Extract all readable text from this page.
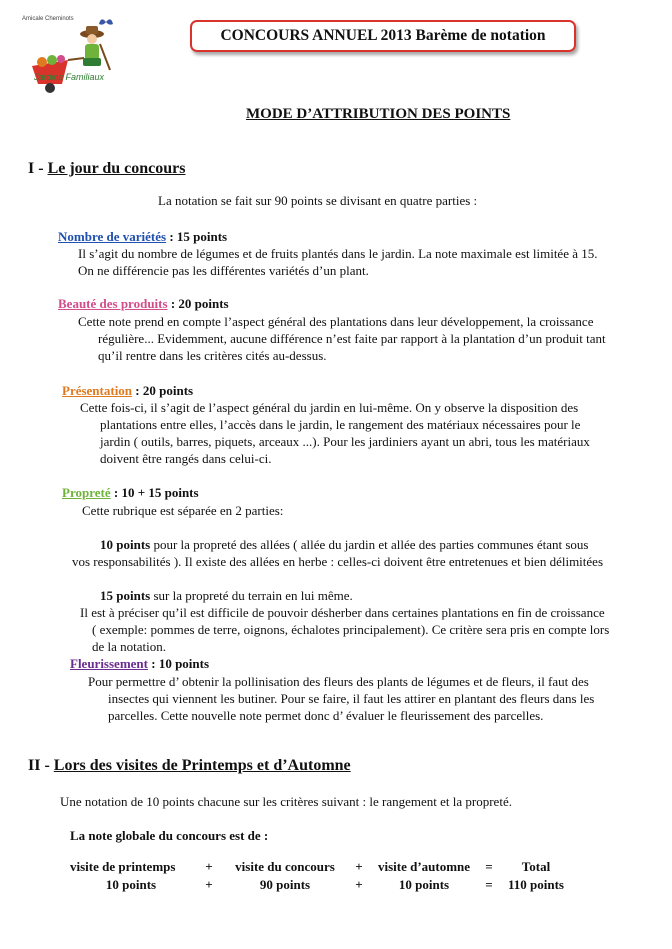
Amicale Cheminots
Jardins Familiaux
CONCOURS ANNUEL 2013 Barème de notation
MODE D’ATTRIBUTION DES POINTS
I - Le jour du concours
La notation se fait sur 90 points se divisant en quatre parties :
Nombre de variétés : 15 points
Il s’agit du nombre de légumes et de fruits plantés dans le jardin. La note maximale est limitée à 15.
On ne différencie pas les différentes variétés d’un plant.
Beauté des produits : 20 points
Cette note prend en compte l’aspect général des plantations dans leur développement, la croissance
régulière... Evidemment, aucune différence n’est faite par rapport à la plantation d’un produit tant
qu’il rentre dans les critères cités au-dessus.
Présentation : 20 points
Cette fois-ci, il s’agit de l’aspect général du jardin en lui-même. On y observe la disposition des
plantations entre elles, l’accès dans le jardin, le rangement des matériaux nécessaires pour le
jardin ( outils, barres, piquets, arceaux ...). Pour les jardiniers ayant un abri, tous les matériaux
doivent être rangés dans celui-ci.
Propreté : 10 + 15 points
Cette rubrique est séparée en 2 parties:
10 points pour la propreté des allées ( allée du jardin et allée des parties communes étant sous
vos responsabilités ). Il existe des allées en herbe : celles-ci doivent être entretenues et bien délimitées
15 points sur la propreté du terrain en lui même.
Il est à préciser qu’il est difficile de pouvoir désherber dans certaines plantations en fin de croissance
( exemple: pommes de terre, oignons, échalotes principalement). Ce critère sera pris en compte lors
de la notation.
Fleurissement : 10 points
Pour permettre d’ obtenir la pollinisation des fleurs des plants de légumes et de fleurs, il faut des
insectes qui viennent les butiner. Pour se faire, il faut les attirer en plantant des fleurs dans les
parcelles. Cette nouvelle note permet donc d’ évaluer le fleurissement des parcelles.
II - Lors des visites de Printemps et d’Automne
Une notation de 10 points chacune sur les critères suivant : le rangement et la propreté.
La note globale du concours est de :
visite de printemps	+	visite du concours	+	visite d’automne	=	Total
10 points	+	90 points	+	10 points	=	110 points
